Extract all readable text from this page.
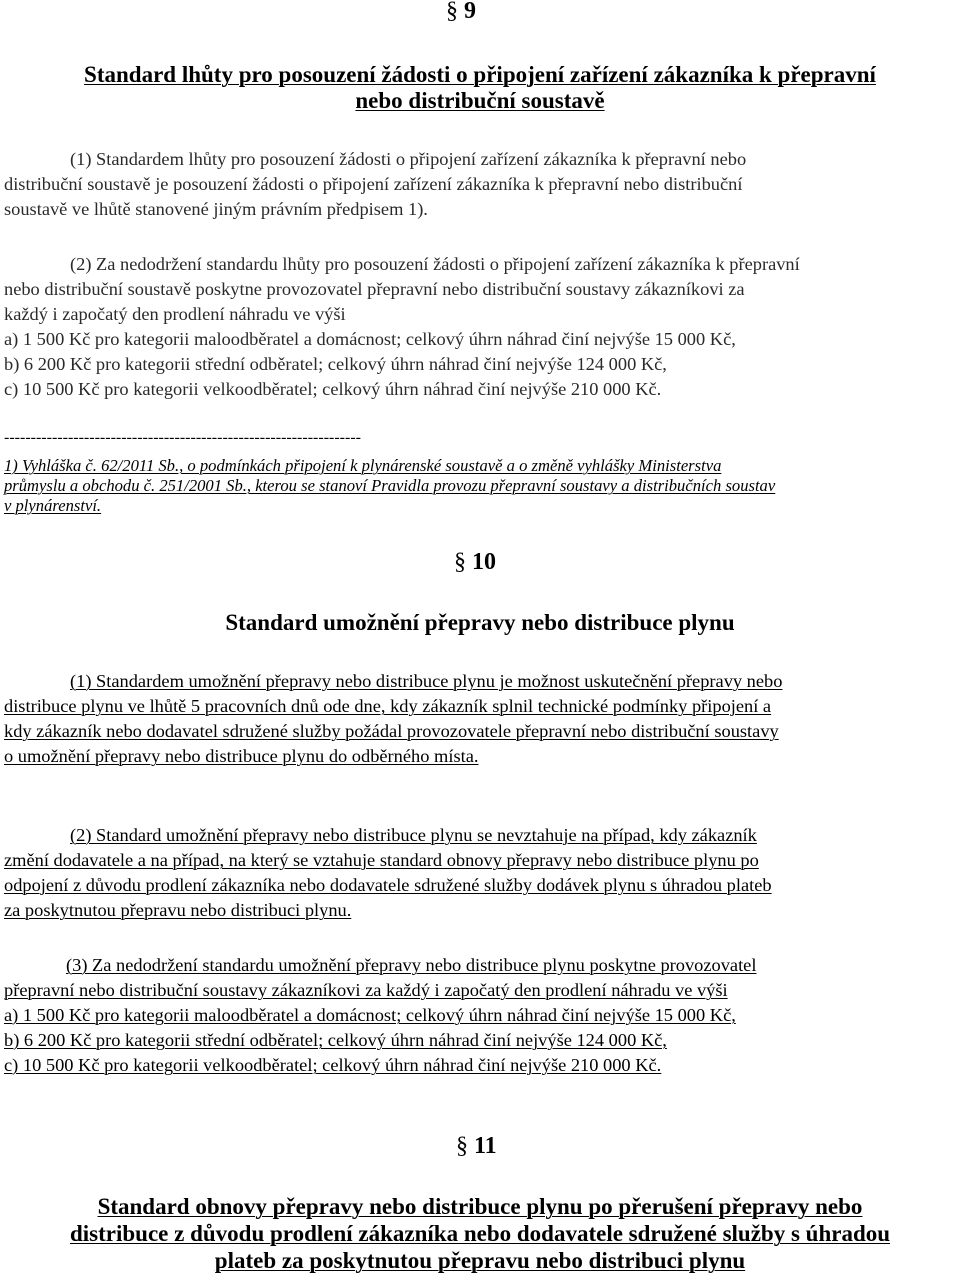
§ 9
Standard lhůty pro posouzení žádosti o připojení zařízení zákazníka k přepravní
nebo distribuční soustavě
(1) Standardem lhůty pro posouzení žádosti o připojení zařízení zákazníka k přepravní nebo
distribuční soustavě je posouzení žádosti o připojení zařízení zákazníka k přepravní nebo distribuční
soustavě ve lhůtě stanovené jiným právním předpisem 1).
(2) Za nedodržení standardu lhůty pro posouzení žádosti o připojení zařízení zákazníka k přepravní
nebo distribuční soustavě poskytne provozovatel přepravní nebo distribuční soustavy zákazníkovi za
každý i započatý den prodlení náhradu ve výši
a) 1 500 Kč pro kategorii maloodběratel a domácnost; celkový úhrn náhrad činí nejvýše 15 000 Kč,
b) 6 200 Kč pro kategorii střední odběratel; celkový úhrn náhrad činí nejvýše 124 000 Kč,
c) 10 500 Kč pro kategorii velkoodběratel; celkový úhrn náhrad činí nejvýše 210 000 Kč.
-------------------------------------------------------------------
1) Vyhláška č. 62/2011 Sb., o podmínkách připojení k plynárenské soustavě a o změně vyhlášky Ministerstva
průmyslu a obchodu č. 251/2001 Sb., kterou se stanoví Pravidla provozu přepravní soustavy a distribučních soustav
v plynárenství.
§ 10
Standard umožnění přepravy nebo distribuce plynu
(1) Standardem umožnění přepravy nebo distribuce plynu je možnost uskutečnění přepravy nebo
distribuce plynu ve lhůtě 5 pracovních dnů ode dne, kdy zákazník splnil technické podmínky připojení a
kdy zákazník nebo dodavatel sdružené služby požádal provozovatele přepravní nebo distribuční soustavy
o umožnění přepravy nebo distribuce plynu do odběrného místa.
(2) Standard umožnění přepravy nebo distribuce plynu se nevztahuje na případ, kdy zákazník
změní dodavatele a na případ, na který se vztahuje standard obnovy přepravy nebo distribuce plynu po
odpojení z důvodu prodlení zákazníka nebo dodavatele sdružené služby dodávek plynu s úhradou plateb
za poskytnutou přepravu nebo distribuci plynu.
(3) Za nedodržení standardu umožnění přepravy nebo distribuce plynu poskytne provozovatel
přepravní nebo distribuční soustavy zákazníkovi za každý i započatý den prodlení náhradu ve výši
a) 1 500 Kč pro kategorii maloodběratel a domácnost; celkový úhrn náhrad činí nejvýše 15 000 Kč,
b) 6 200 Kč pro kategorii střední odběratel; celkový úhrn náhrad činí nejvýše 124 000 Kč,
c) 10 500 Kč pro kategorii velkoodběratel; celkový úhrn náhrad činí nejvýše 210 000 Kč.
§ 11
Standard obnovy přepravy nebo distribuce plynu po přerušení přepravy nebo
distribuce z důvodu prodlení zákazníka nebo dodavatele sdružené služby s úhradou
plateb za poskytnutou přepravu nebo distribuci plynu
